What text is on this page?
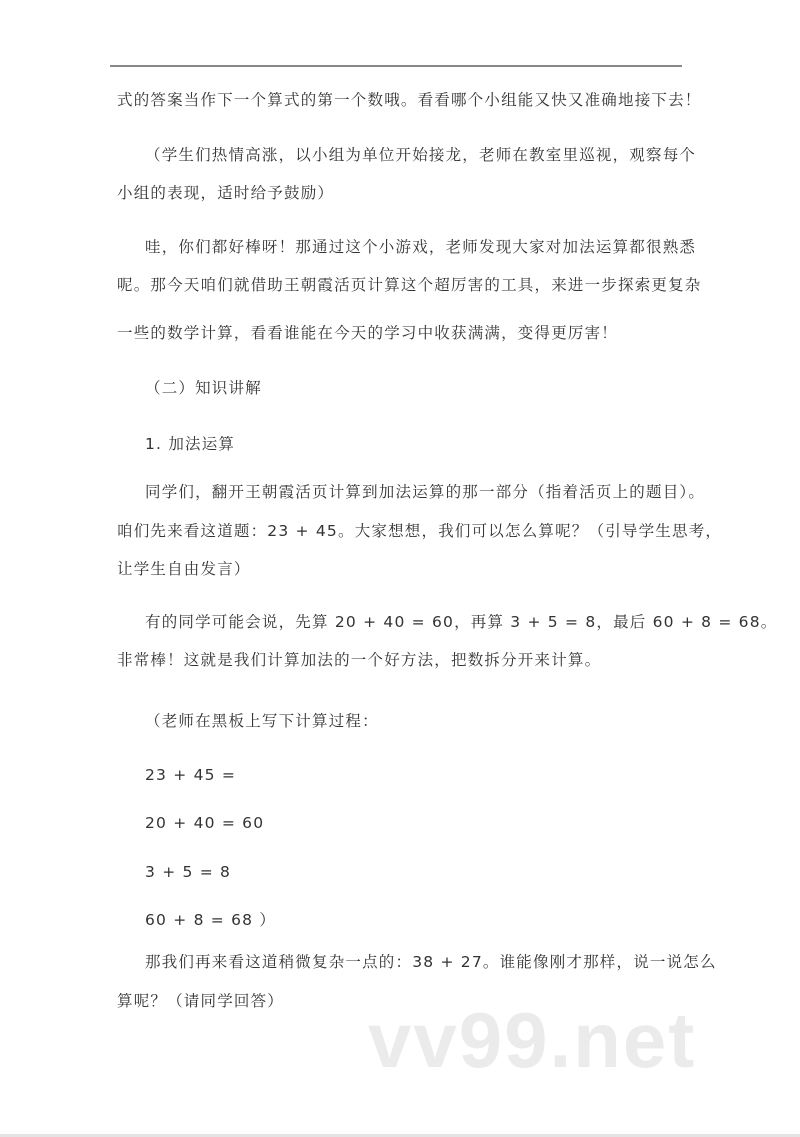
式的答案当作下一个算式的第一个数哦。看看哪个小组能又快又准确地接下去！
（学生们热情高涨，以小组为单位开始接龙，老师在教室里巡视，观察每个
小组的表现，适时给予鼓励）
哇，你们都好棒呀！那通过这个小游戏，老师发现大家对加法运算都很熟悉
呢。那今天咱们就借助王朝霞活页计算这个超厉害的工具，来进一步探索更复杂
一些的数学计算，看看谁能在今天的学习中收获满满，变得更厉害！
（二）知识讲解
1. 加法运算
同学们，翻开王朝霞活页计算到加法运算的那一部分（指着活页上的题目）。
咱们先来看这道题：23 + 45。大家想想，我们可以怎么算呢？（引导学生思考，
让学生自由发言）
有的同学可能会说，先算 20 + 40 = 60，再算 3 + 5 = 8，最后 60 + 8 = 68。
非常棒！这就是我们计算加法的一个好方法，把数拆分开来计算。
（老师在黑板上写下计算过程：
23 + 45 =
20 + 40 = 60
3 + 5 = 8
60 + 8 = 68 ）
那我们再来看这道稍微复杂一点的：38 + 27。谁能像刚才那样，说一说怎么
算呢？（请同学回答） vv99.net
